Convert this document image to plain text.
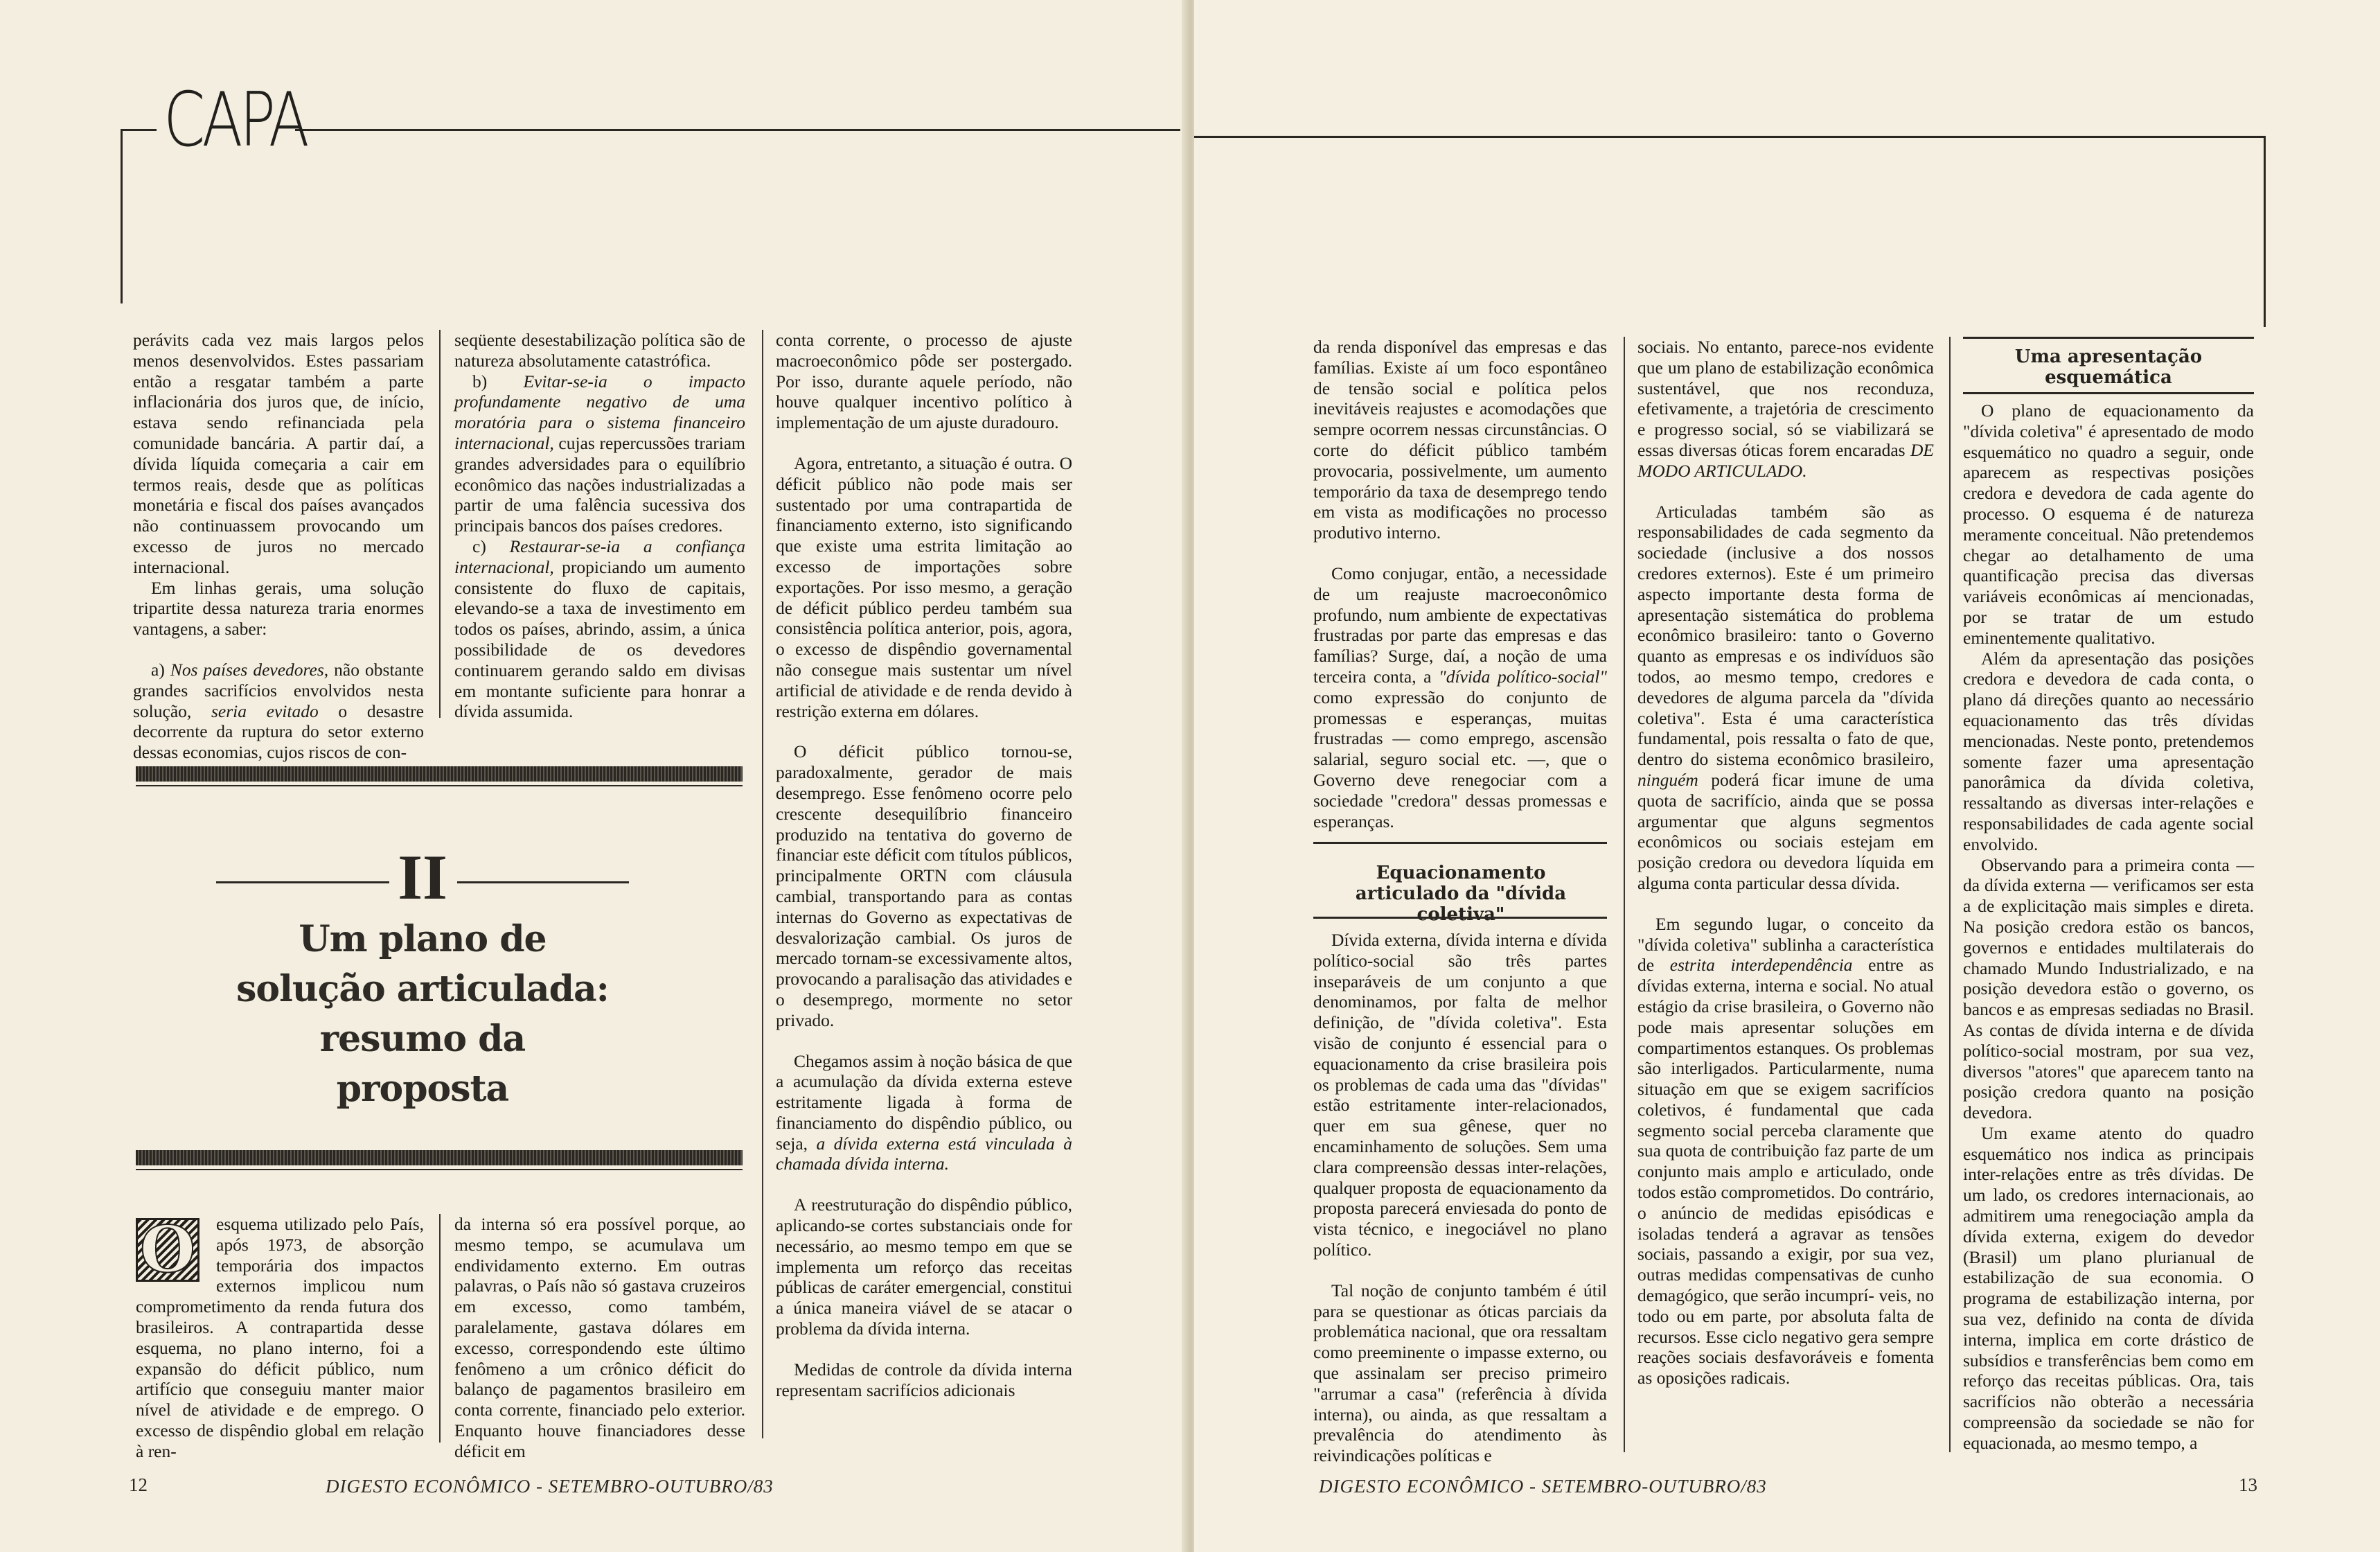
CAPA

perávits cada vez mais largos pelos menos desenvolvidos. Estes passariam então a resgatar também a parte inflacionária dos juros que, de início, estava sendo refinanciada pela comunidade bancária. A partir daí, a dívida líquida começaria a cair em termos reais, desde que as políticas monetária e fiscal dos países avançados não continuassem provocando um excesso de juros no mercado internacional.

Em linhas gerais, uma solução tripartite dessa natureza traria enormes vantagens, a saber:

a) Nos países devedores, não obstante grandes sacrifícios envolvidos nesta solução, seria evitado o desastre decorrente da ruptura do setor externo dessas economias, cujos riscos de con-

seqüente desestabilização política são de natureza absolutamente catastrófica.

b) Evitar-se-ia o impacto profundamente negativo de uma moratória para o sistema financeiro internacional, cujas repercussões trariam grandes adversidades para o equilíbrio econômico das nações industrializadas a partir de uma falência sucessiva dos principais bancos dos países credores.

c) Restaurar-se-ia a confiança internacional, propiciando um aumento consistente do fluxo de capitais, elevando-se a taxa de investimento em todos os países, abrindo, assim, a única possibilidade de os devedores continuarem gerando saldo em divisas em montante suficiente para honrar a dívida assumida.

conta corrente, o processo de ajuste macroeconômico pôde ser postergado. Por isso, durante aquele período, não houve qualquer incentivo político à implementação de um ajuste duradouro.

Agora, entretanto, a situação é outra. O déficit público não pode mais ser sustentado por uma contrapartida de financiamento externo, isto significando que existe uma estrita limitação ao excesso de importações sobre exportações. Por isso mesmo, a geração de déficit público perdeu também sua consistência política anterior, pois, agora, o excesso de dispêndio governamental não consegue mais sustentar um nível artificial de atividade e de renda devido à restrição externa em dólares.

O déficit público tornou-se, paradoxalmente, gerador de mais desemprego. Esse fenômeno ocorre pelo crescente desequilíbrio financeiro produzido na tentativa do governo de financiar este déficit com títulos públicos, principalmente ORTN com cláusula cambial, transportando para as contas internas do Governo as expectativas de desvalorização cambial. Os juros de mercado tornam-se excessivamente altos, provocando a paralisação das atividades e o desemprego, mormente no setor privado.

Chegamos assim à noção básica de que a acumulação da dívida externa esteve estritamente ligada à forma de financiamento do dispêndio público, ou seja, a dívida externa está vinculada à chamada dívida interna.

A reestruturação do dispêndio público, aplicando-se cortes substanciais onde for necessário, ao mesmo tempo em que se implementa um reforço das receitas públicas de caráter emergencial, constitui a única maneira viável de se atacar o problema da dívida interna.

Medidas de controle da dívida interna representam sacrifícios adicionais

II
Um plano de solução articulada: resumo da proposta
O	esquema utilizado pelo País, após 1973, de absorção temporária dos impactos externos implicou num comprometimento da renda futura dos brasileiros. A contrapartida desse esquema, no plano interno, foi a expansão do déficit público, num artifício que conseguiu manter maior nível de atividade e de emprego. O excesso de dispêndio global em relação à ren-

da interna só era possível porque, ao mesmo tempo, se acumulava um endividamento externo. Em outras palavras, o País não só gastava cruzeiros em excesso, como também, paralelamente, gastava dólares em excesso, correspondendo este último fenômeno a um crônico déficit do balanço de pagamentos brasileiro em conta corrente, financiado pelo exterior. Enquanto houve financiadores desse déficit em

12	DIGESTO ECONÔMICO - SETEMBRO-OUTUBRO/83

da renda disponível das empresas e das famílias. Existe aí um foco espontâneo de tensão social e política pelos inevitáveis reajustes e acomodações que sempre ocorrem nessas circunstâncias. O corte do déficit público também provocaria, possivelmente, um aumento temporário da taxa de desemprego tendo em vista as modificações no processo produtivo interno.

Como conjugar, então, a necessidade de um reajuste macroeconômico profundo, num ambiente de expectativas frustradas por parte das empresas e das famílias? Surge, daí, a noção de uma terceira conta, a "dívida político-social" como expressão do conjunto de promessas e esperanças, muitas frustradas — como emprego, ascensão salarial, seguro social etc. —, que o Governo deve renegociar com a sociedade "credora" dessas promessas e esperanças.

Equacionamento articulado da "dívida coletiva"

Dívida externa, dívida interna e dívida político-social são três partes inseparáveis de um conjunto a que denominamos, por falta de melhor definição, de "dívida coletiva". Esta visão de conjunto é essencial para o equacionamento da crise brasileira pois os problemas de cada uma das "dívidas" estão estritamente inter-relacionados, quer em sua gênese, quer no encaminhamento de soluções. Sem uma clara compreensão dessas inter-relações, qualquer proposta de equacionamento da proposta parecerá enviesada do ponto de vista técnico, e inegociável no plano político.

Tal noção de conjunto também é útil para se questionar as óticas parciais da problemática nacional, que ora ressaltam como preeminente o impasse externo, ou que assinalam ser preciso primeiro "arrumar a casa" (referência à dívida interna), ou ainda, as que ressaltam a prevalência do atendimento às reivindicações políticas e

sociais. No entanto, parece-nos evidente que um plano de estabilização econômica sustentável, que nos reconduza, efetivamente, a trajetória de crescimento e progresso social, só se viabilizará se essas diversas óticas forem encaradas DE MODO ARTICULADO.

Articuladas também são as responsabilidades de cada segmento da sociedade (inclusive a dos nossos credores externos). Este é um primeiro aspecto importante desta forma de apresentação sistemática do problema econômico brasileiro: tanto o Governo quanto as empresas e os indivíduos são todos, ao mesmo tempo, credores e devedores de alguma parcela da "dívida coletiva". Esta é uma característica fundamental, pois ressalta o fato de que, dentro do sistema econômico brasileiro, ninguém poderá ficar imune de uma quota de sacrifício, ainda que se possa argumentar que alguns segmentos econômicos ou sociais estejam em posição credora ou devedora líquida em alguma conta particular dessa dívida.

Em segundo lugar, o conceito da "dívida coletiva" sublinha a característica de estrita interdependência entre as dívidas externa, interna e social. No atual estágio da crise brasileira, o Governo não pode mais apresentar soluções em compartimentos estanques. Os problemas são interligados. Particularmente, numa situação em que se exigem sacrifícios coletivos, é fundamental que cada segmento social perceba claramente que sua quota de contribuição faz parte de um conjunto mais amplo e articulado, onde todos estão comprometidos. Do contrário, o anúncio de medidas episódicas e isoladas tenderá a agravar as tensões sociais, passando a exigir, por sua vez, outras medidas compensativas de cunho demagógico, que serão incumprí- veis, no todo ou em parte, por absoluta falta de recursos. Esse ciclo negativo gera sempre reações sociais desfavoráveis e fomenta as oposições radicais.

Uma apresentação esquemática

O plano de equacionamento da "dívida coletiva" é apresentado de modo esquemático no quadro a seguir, onde aparecem as respectivas posições credora e devedora de cada agente do processo. O esquema é de natureza meramente conceitual. Não pretendemos chegar ao detalhamento de uma quantificação precisa das diversas variáveis econômicas aí mencionadas, por se tratar de um estudo eminentemente qualitativo.

Além da apresentação das posições credora e devedora de cada conta, o plano dá direções quanto ao necessário equacionamento das três dívidas mencionadas. Neste ponto, pretendemos somente fazer uma apresentação panorâmica da dívida coletiva, ressaltando as diversas inter-relações e responsabilidades de cada agente social envolvido.

Observando para a primeira conta — da dívida externa — verificamos ser esta a de explicitação mais simples e direta. Na posição credora estão os bancos, governos e entidades multilaterais do chamado Mundo Industrializado, e na posição devedora estão o governo, os bancos e as empresas sediadas no Brasil. As contas de dívida interna e de dívida político-social mostram, por sua vez, diversos "atores" que aparecem tanto na posição credora quanto na posição devedora.

Um exame atento do quadro esquemático nos indica as principais inter-relações entre as três dívidas. De um lado, os credores internacionais, ao admitirem uma renegociação ampla da dívida externa, exigem do devedor (Brasil) um plano plurianual de estabilização de sua economia. O programa de estabilização interna, por sua vez, definido na conta de dívida interna, implica em corte drástico de subsídios e transferências bem como em reforço das receitas públicas. Ora, tais sacrifícios não obterão a necessária compreensão da sociedade se não for equacionada, ao mesmo tempo, a

DIGESTO ECONÔMICO - SETEMBRO-OUTUBRO/83	13
